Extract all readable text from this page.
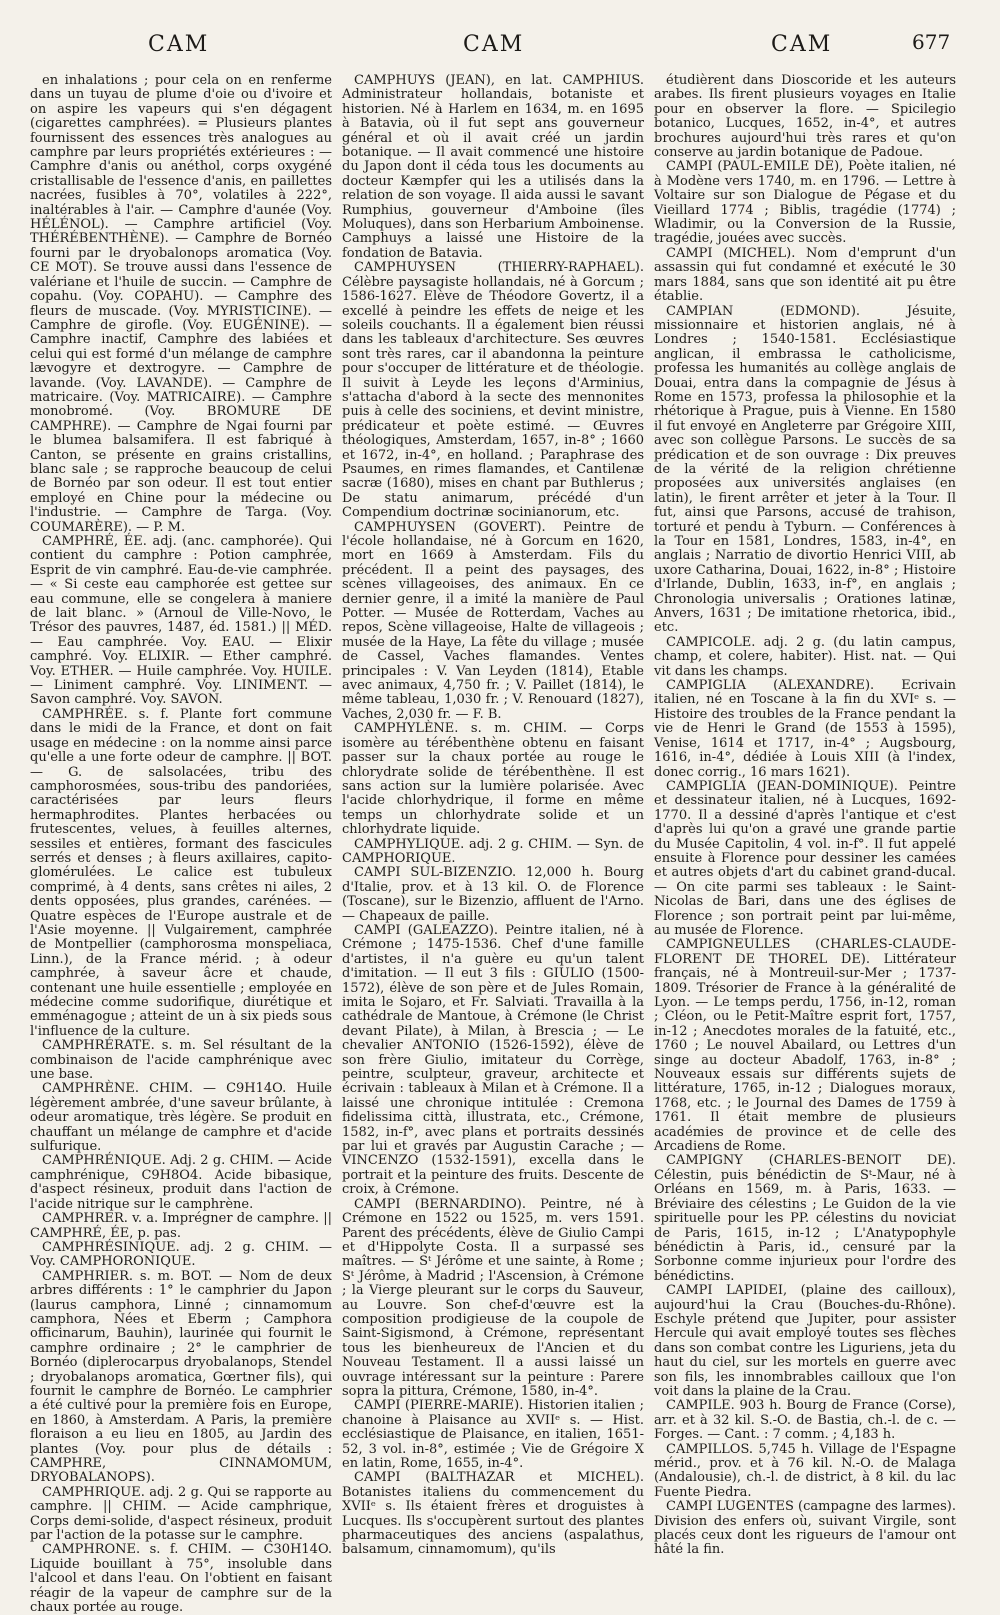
CAM	CAM	CAM	677

en inhalations ; pour cela on en renferme dans un tuyau de plume d'oie ou d'ivoire et on aspire les vapeurs qui s'en dégagent (cigarettes camphrées). = Plusieurs plantes fournissent des essences très analogues au camphre par leurs propriétés extérieures : — Camphre d'anis ou anéthol, corps oxygéné cristallisable de l'essence d'anis, en paillettes nacrées, fusibles à 70°, volatiles à 222°, inaltérables à l'air. — Camphre d'aunée (Voy. HÉLÉNOL). — Camphre artificiel (Voy. THÉRÉBENTHÈNE). — Camphre de Bornéo fourni par le dryobalonops aromatica (Voy. CE MOT). Se trouve aussi dans l'essence de valériane et l'huile de succin. — Camphre de copahu. (Voy. COPAHU). — Camphre des fleurs de muscade. (Voy. MYRISTICINE). — Camphre de girofle. (Voy. EUGÉNINE). — Camphre inactif, Camphre des labiées et celui qui est formé d'un mélange de camphre lævogyre et dextrogyre. — Camphre de lavande. (Voy. LAVANDE). — Camphre de matricaire. (Voy. MATRICAIRE). — Camphre monobromé. (Voy. BROMURE DE CAMPHRE). — Camphre de Ngai fourni par le blumea balsamifera. Il est fabriqué à Canton, se présente en grains cristallins, blanc sale ; se rapproche beaucoup de celui de Bornéo par son odeur. Il est tout entier employé en Chine pour la médecine ou l'industrie. — Camphre de Targa. (Voy. COUMARÈRE). — P. M.

CAMPHRÉ, ÉE. adj. (anc. camphorée). Qui contient du camphre : Potion camphrée, Esprit de vin camphré. Eau-de-vie camphrée. — « Si ceste eau camphorée est gettee sur eau commune, elle se congelera à maniere de lait blanc. » (Arnoul de Ville-Novo, le Trésor des pauvres, 1487, éd. 1581.) || MÉD. — Eau camphrée. Voy. EAU. — Elixir camphré. Voy. ELIXIR. — Ether camphré. Voy. ETHER. — Huile camphrée. Voy. HUILE. — Liniment camphré. Voy. LINIMENT. — Savon camphré. Voy. SAVON.

CAMPHRÉE. s. f. Plante fort commune dans le midi de la France, et dont on fait usage en médecine : on la nomme ainsi parce qu'elle a une forte odeur de camphre. || BOT. — G. de salsolacées, tribu des camphorosmées, sous-tribu des pandoriées, caractérisées par leurs fleurs hermaphrodites. Plantes herbacées ou frutescentes, velues, à feuilles alternes, sessiles et entières, formant des fascicules serrés et denses ; à fleurs axillaires, capito-glomérulées. Le calice est tubuleux comprimé, à 4 dents, sans crêtes ni ailes, 2 dents opposées, plus grandes, carénées. — Quatre espèces de l'Europe australe et de l'Asie moyenne. || Vulgairement, camphrée de Montpellier (camphorosma monspeliaca, Linn.), de la France mérid. ; à odeur camphrée, à saveur âcre et chaude, contenant une huile essentielle ; employée en médecine comme sudorifique, diurétique et emménagogue ; atteint de un à six pieds sous l'influence de la culture.

CAMPHRÉRATE. s. m. Sel résultant de la combinaison de l'acide camphrénique avec une base.

CAMPHRÈNE. CHIM. — C9H14O. Huile légèrement ambrée, d'une saveur brûlante, à odeur aromatique, très légère. Se produit en chauffant un mélange de camphre et d'acide sulfurique.

CAMPHRÉNIQUE. Adj. 2 g. CHIM. — Acide camphrénique, C9H8O4. Acide bibasique, d'aspect résineux, produit dans l'action de l'acide nitrique sur le camphrène.

CAMPHRER. v. a. Imprégner de camphre. || CAMPHRÉ, ÉE, p. pas.

CAMPHRÉSINIQUE. adj. 2 g. CHIM. — Voy. CAMPHORONIQUE.

CAMPHRIER. s. m. BOT. — Nom de deux arbres différents : 1° le camphrier du Japon (laurus camphora, Linné ; cinnamomum camphora, Nées et Eberm ; Camphora officinarum, Bauhin), laurinée qui fournit le camphre ordinaire ; 2° le camphrier de Bornéo (diplerocarpus dryobalanops, Stendel ; dryobalanops aromatica, Gœrtner fils), qui fournit le camphre de Bornéo. Le camphrier a été cultivé pour la première fois en Europe, en 1860, à Amsterdam. A Paris, la première floraison a eu lieu en 1805, au Jardin des plantes (Voy. pour plus de détails : CAMPHRE, CINNAMOMUM, DRYOBALANOPS).

CAMPHRIQUE. adj. 2 g. Qui se rapporte au camphre. || CHIM. — Acide camphrique, Corps demi-solide, d'aspect résineux, produit par l'action de la potasse sur le camphre.

CAMPHRONE. s. f. CHIM. — C30H14O. Liquide bouillant à 75°, insoluble dans l'alcool et dans l'eau. On l'obtient en faisant réagir de la vapeur de camphre sur de la chaux portée au rouge.

CAMPHUYS (JEAN), en lat. CAMPHIUS. Administrateur hollandais, botaniste et historien. Né à Harlem en 1634, m. en 1695 à Batavia, où il fut sept ans gouverneur général et où il avait créé un jardin botanique. — Il avait commencé une histoire du Japon dont il céda tous les documents au docteur Kæmpfer qui les a utilisés dans la relation de son voyage. Il aida aussi le savant Rumphius, gouverneur d'Amboine (îles Moluques), dans son Herbarium Amboinense. Camphuys a laissé une Histoire de la fondation de Batavia.

CAMPHUYSEN (THIERRY-RAPHAEL). Célèbre paysagiste hollandais, né à Gorcum ; 1586-1627. Elève de Théodore Govertz, il a excellé à peindre les effets de neige et les soleils couchants. Il a également bien réussi dans les tableaux d'architecture. Ses œuvres sont très rares, car il abandonna la peinture pour s'occuper de littérature et de théologie. Il suivit à Leyde les leçons d'Arminius, s'attacha d'abord à la secte des mennonites puis à celle des sociniens, et devint ministre, prédicateur et poète estimé. — Œuvres théologiques, Amsterdam, 1657, in-8° ; 1660 et 1672, in-4°, en holland. ; Paraphrase des Psaumes, en rimes flamandes, et Cantilenæ sacræ (1680), mises en chant par Buthlerus ; De statu animarum, précédé d'un Compendium doctrinæ socinianorum, etc.

CAMPHUYSEN (GOVERT). Peintre de l'école hollandaise, né à Gorcum en 1620, mort en 1669 à Amsterdam. Fils du précédent. Il a peint des paysages, des scènes villageoises, des animaux. En ce dernier genre, il a imité la manière de Paul Potter. — Musée de Rotterdam, Vaches au repos, Scène villageoise, Halte de villageois ; musée de la Haye, La fête du village ; musée de Cassel, Vaches flamandes. Ventes principales : V. Van Leyden (1814), Etable avec animaux, 4,750 fr. ; V. Paillet (1814), le même tableau, 1,030 fr. ; V. Renouard (1827), Vaches, 2,030 fr. — F. B.

CAMPHYLÈNE. s. m. CHIM. — Corps isomère au térébenthène obtenu en faisant passer sur la chaux portée au rouge le chlorydrate solide de térébenthène. Il est sans action sur la lumière polarisée. Avec l'acide chlorhydrique, il forme en même temps un chlorhydrate solide et un chlorhydrate liquide.

CAMPHYLIQUE. adj. 2 g. CHIM. — Syn. de CAMPHORIQUE.

CAMPI SUL-BIZENZIO. 12,000 h. Bourg d'Italie, prov. et à 13 kil. O. de Florence (Toscane), sur le Bizenzio, affluent de l'Arno. — Chapeaux de paille.

CAMPI (GALEAZZO). Peintre italien, né à Crémone ; 1475-1536. Chef d'une famille d'artistes, il n'a guère eu qu'un talent d'imitation. — Il eut 3 fils : GIULIO (1500-1572), élève de son père et de Jules Romain, imita le Sojaro, et Fr. Salviati. Travailla à la cathédrale de Mantoue, à Crémone (le Christ devant Pilate), à Milan, à Brescia ; — Le chevalier ANTONIO (1526-1592), élève de son frère Giulio, imitateur du Corrège, peintre, sculpteur, graveur, architecte et écrivain : tableaux à Milan et à Crémone. Il a laissé une chronique intitulée : Cremona fidelissima città, illustrata, etc., Crémone, 1582, in-f°, avec plans et portraits dessinés par lui et gravés par Augustin Carache ; — VINCENZO (1532-1591), excella dans le portrait et la peinture des fruits. Descente de croix, à Crémone.

CAMPI (BERNARDINO). Peintre, né à Crémone en 1522 ou 1525, m. vers 1591. Parent des précédents, élève de Giulio Campi et d'Hippolyte Costa. Il a surpassé ses maîtres. — Sᵗ Jérôme et une sainte, à Rome ; Sᵗ Jérôme, à Madrid ; l'Ascension, à Crémone ; la Vierge pleurant sur le corps du Sauveur, au Louvre. Son chef-d'œuvre est la composition prodigieuse de la coupole de Saint-Sigismond, à Crémone, représentant tous les bienheureux de l'Ancien et du Nouveau Testament. Il a aussi laissé un ouvrage intéressant sur la peinture : Parere sopra la pittura, Crémone, 1580, in-4°.

CAMPI (PIERRE-MARIE). Historien italien ; chanoine à Plaisance au XVIIᵉ s. — Hist. ecclésiastique de Plaisance, en italien, 1651-52, 3 vol. in-8°, estimée ; Vie de Grégoire X en latin, Rome, 1655, in-4°.

CAMPI (BALTHAZAR et MICHEL). Botanistes italiens du commencement du XVIIᵉ s. Ils étaient frères et droguistes à Lucques. Ils s'occupèrent surtout des plantes pharmaceutiques des anciens (aspalathus, balsamum, cinnamomum), qu'ils

étudièrent dans Dioscoride et les auteurs arabes. Ils firent plusieurs voyages en Italie pour en observer la flore. — Spicilegio botanico, Lucques, 1652, in-4°, et autres brochures aujourd'hui très rares et qu'on conserve au jardin botanique de Padoue.

CAMPI (PAUL-EMILE DE), Poète italien, né à Modène vers 1740, m. en 1796. — Lettre à Voltaire sur son Dialogue de Pégase et du Vieillard 1774 ; Biblis, tragédie (1774) ; Wladimir, ou la Conversion de la Russie, tragédie, jouées avec succès.

CAMPI (MICHEL). Nom d'emprunt d'un assassin qui fut condamné et exécuté le 30 mars 1884, sans que son identité ait pu être établie.

CAMPIAN (EDMOND). Jésuite, missionnaire et historien anglais, né à Londres ; 1540-1581. Ecclésiastique anglican, il embrassa le catholicisme, professa les humanités au collège anglais de Douai, entra dans la compagnie de Jésus à Rome en 1573, professa la philosophie et la rhétorique à Prague, puis à Vienne. En 1580 il fut envoyé en Angleterre par Grégoire XIII, avec son collègue Parsons. Le succès de sa prédication et de son ouvrage : Dix preuves de la vérité de la religion chrétienne proposées aux universités anglaises (en latin), le firent arrêter et jeter à la Tour. Il fut, ainsi que Parsons, accusé de trahison, torturé et pendu à Tyburn. — Conférences à la Tour en 1581, Londres, 1583, in-4°, en anglais ; Narratio de divortio Henrici VIII, ab uxore Catharina, Douai, 1622, in-8° ; Histoire d'Irlande, Dublin, 1633, in-f°, en anglais ; Chronologia universalis ; Orationes latinæ, Anvers, 1631 ; De imitatione rhetorica, ibid., etc.

CAMPICOLE. adj. 2 g. (du latin campus, champ, et colere, habiter). Hist. nat. — Qui vit dans les champs.

CAMPIGLIA (ALEXANDRE). Ecrivain italien, né en Toscane à la fin du XVIᵉ s. — Histoire des troubles de la France pendant la vie de Henri le Grand (de 1553 à 1595), Venise, 1614 et 1717, in-4° ; Augsbourg, 1616, in-4°, dédiée à Louis XIII (à l'index, donec corrig., 16 mars 1621).

CAMPIGLIA (JEAN-DOMINIQUE). Peintre et dessinateur italien, né à Lucques, 1692-1770. Il a dessiné d'après l'antique et c'est d'après lui qu'on a gravé une grande partie du Musée Capitolin, 4 vol. in-f°. Il fut appelé ensuite à Florence pour dessiner les camées et autres objets d'art du cabinet grand-ducal. — On cite parmi ses tableaux : le Saint-Nicolas de Bari, dans une des églises de Florence ; son portrait peint par lui-même, au musée de Florence.

CAMPIGNEULLES (CHARLES-CLAUDE-FLORENT DE THOREL DE). Littérateur français, né à Montreuil-sur-Mer ; 1737-1809. Trésorier de France à la généralité de Lyon. — Le temps perdu, 1756, in-12, roman ; Cléon, ou le Petit-Maître esprit fort, 1757, in-12 ; Anecdotes morales de la fatuité, etc., 1760 ; Le nouvel Abailard, ou Lettres d'un singe au docteur Abadolf, 1763, in-8° ; Nouveaux essais sur différents sujets de littérature, 1765, in-12 ; Dialogues moraux, 1768, etc. ; le Journal des Dames de 1759 à 1761. Il était membre de plusieurs académies de province et de celle des Arcadiens de Rome.

CAMPIGNY (CHARLES-BENOIT DE). Célestin, puis bénédictin de Sᵗ-Maur, né à Orléans en 1569, m. à Paris, 1633. — Bréviaire des célestins ; Le Guidon de la vie spirituelle pour les PP. célestins du noviciat de Paris, 1615, in-12 ; L'Anatypophyle bénédictin à Paris, id., censuré par la Sorbonne comme injurieux pour l'ordre des bénédictins.

CAMPI LAPIDEI, (plaine des cailloux), aujourd'hui la Crau (Bouches-du-Rhône). Eschyle prétend que Jupiter, pour assister Hercule qui avait employé toutes ses flèches dans son combat contre les Liguriens, jeta du haut du ciel, sur les mortels en guerre avec son fils, les innombrables cailloux que l'on voit dans la plaine de la Crau.

CAMPILE. 903 h. Bourg de France (Corse), arr. et à 32 kil. S.-O. de Bastia, ch.-l. de c. — Forges. — Cant. : 7 comm. ; 4,183 h.

CAMPILLOS. 5,745 h. Village de l'Espagne mérid., prov. et à 76 kil. N.-O. de Malaga (Andalousie), ch.-l. de district, à 8 kil. du lac Fuente Piedra.

CAMPI LUGENTES (campagne des larmes). Division des enfers où, suivant Virgile, sont placés ceux dont les rigueurs de l'amour ont hâté la fin.
